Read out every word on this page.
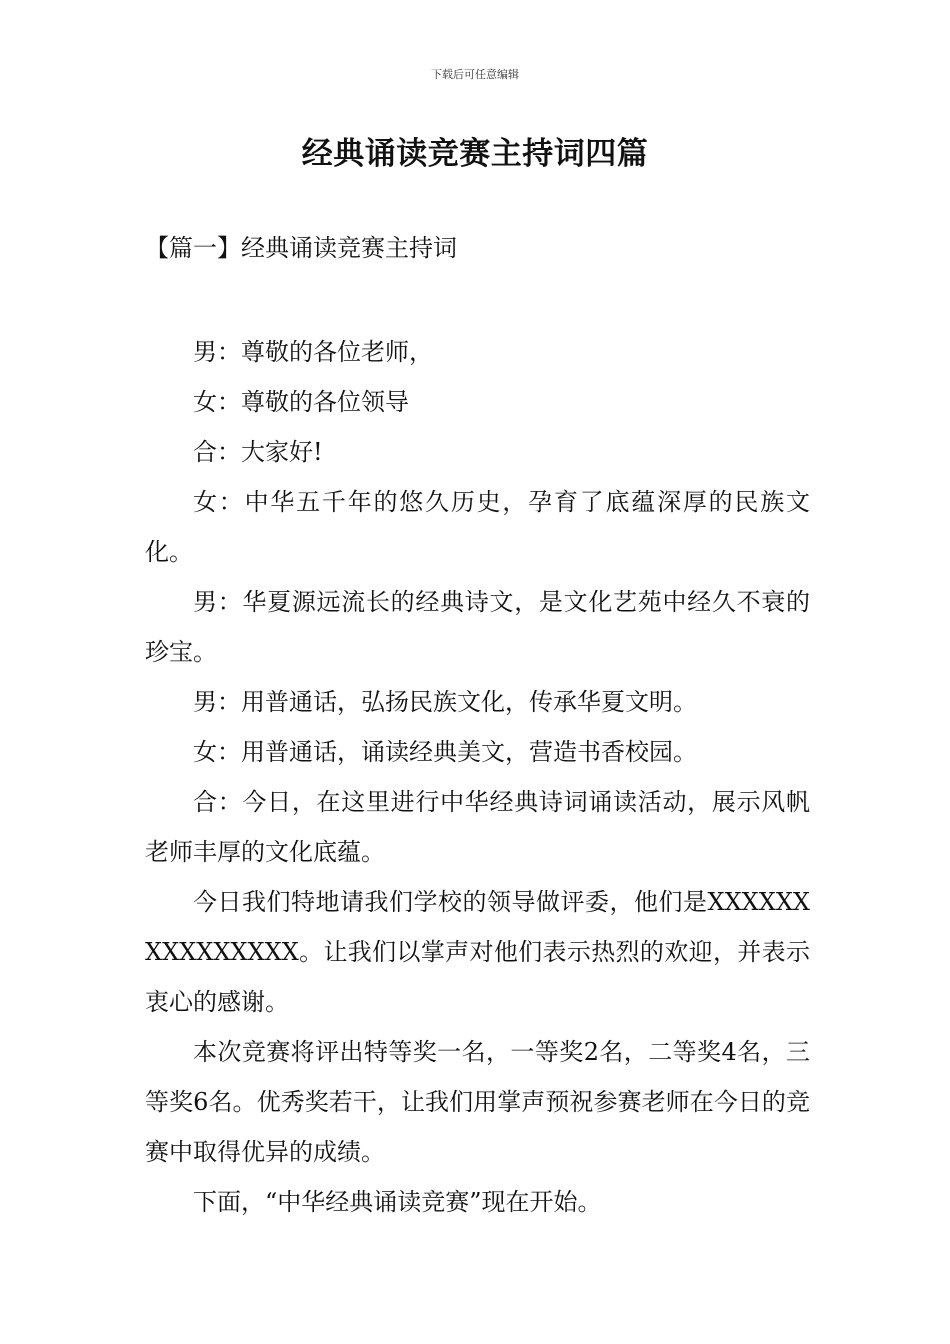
下载后可任意编辑
经典诵读竞赛主持词四篇
【篇一】经典诵读竞赛主持词

男：尊敬的各位老师，

女：尊敬的各位领导

合：大家好!

女：中华五千年的悠久历史，孕育了底蕴深厚的民族文化。

男：华夏源远流长的经典诗文，是文化艺苑中经久不衰的珍宝。

男：用普通话，弘扬民族文化，传承华夏文明。

女：用普通话，诵读经典美文，营造书香校园。

合：今日，在这里进行中华经典诗词诵读活动，展示风帆老师丰厚的文化底蕴。

今日我们特地请我们学校的领导做评委，他们是XXXXXXXXXXXXXXX。让我们以掌声对他们表示热烈的欢迎，并表示衷心的感谢。

本次竞赛将评出特等奖一名，一等奖2名，二等奖4名，三等奖6名。优秀奖若干，让我们用掌声预祝参赛老师在今日的竞赛中取得优异的成绩。

下面，“中华经典诵读竞赛”现在开始。
